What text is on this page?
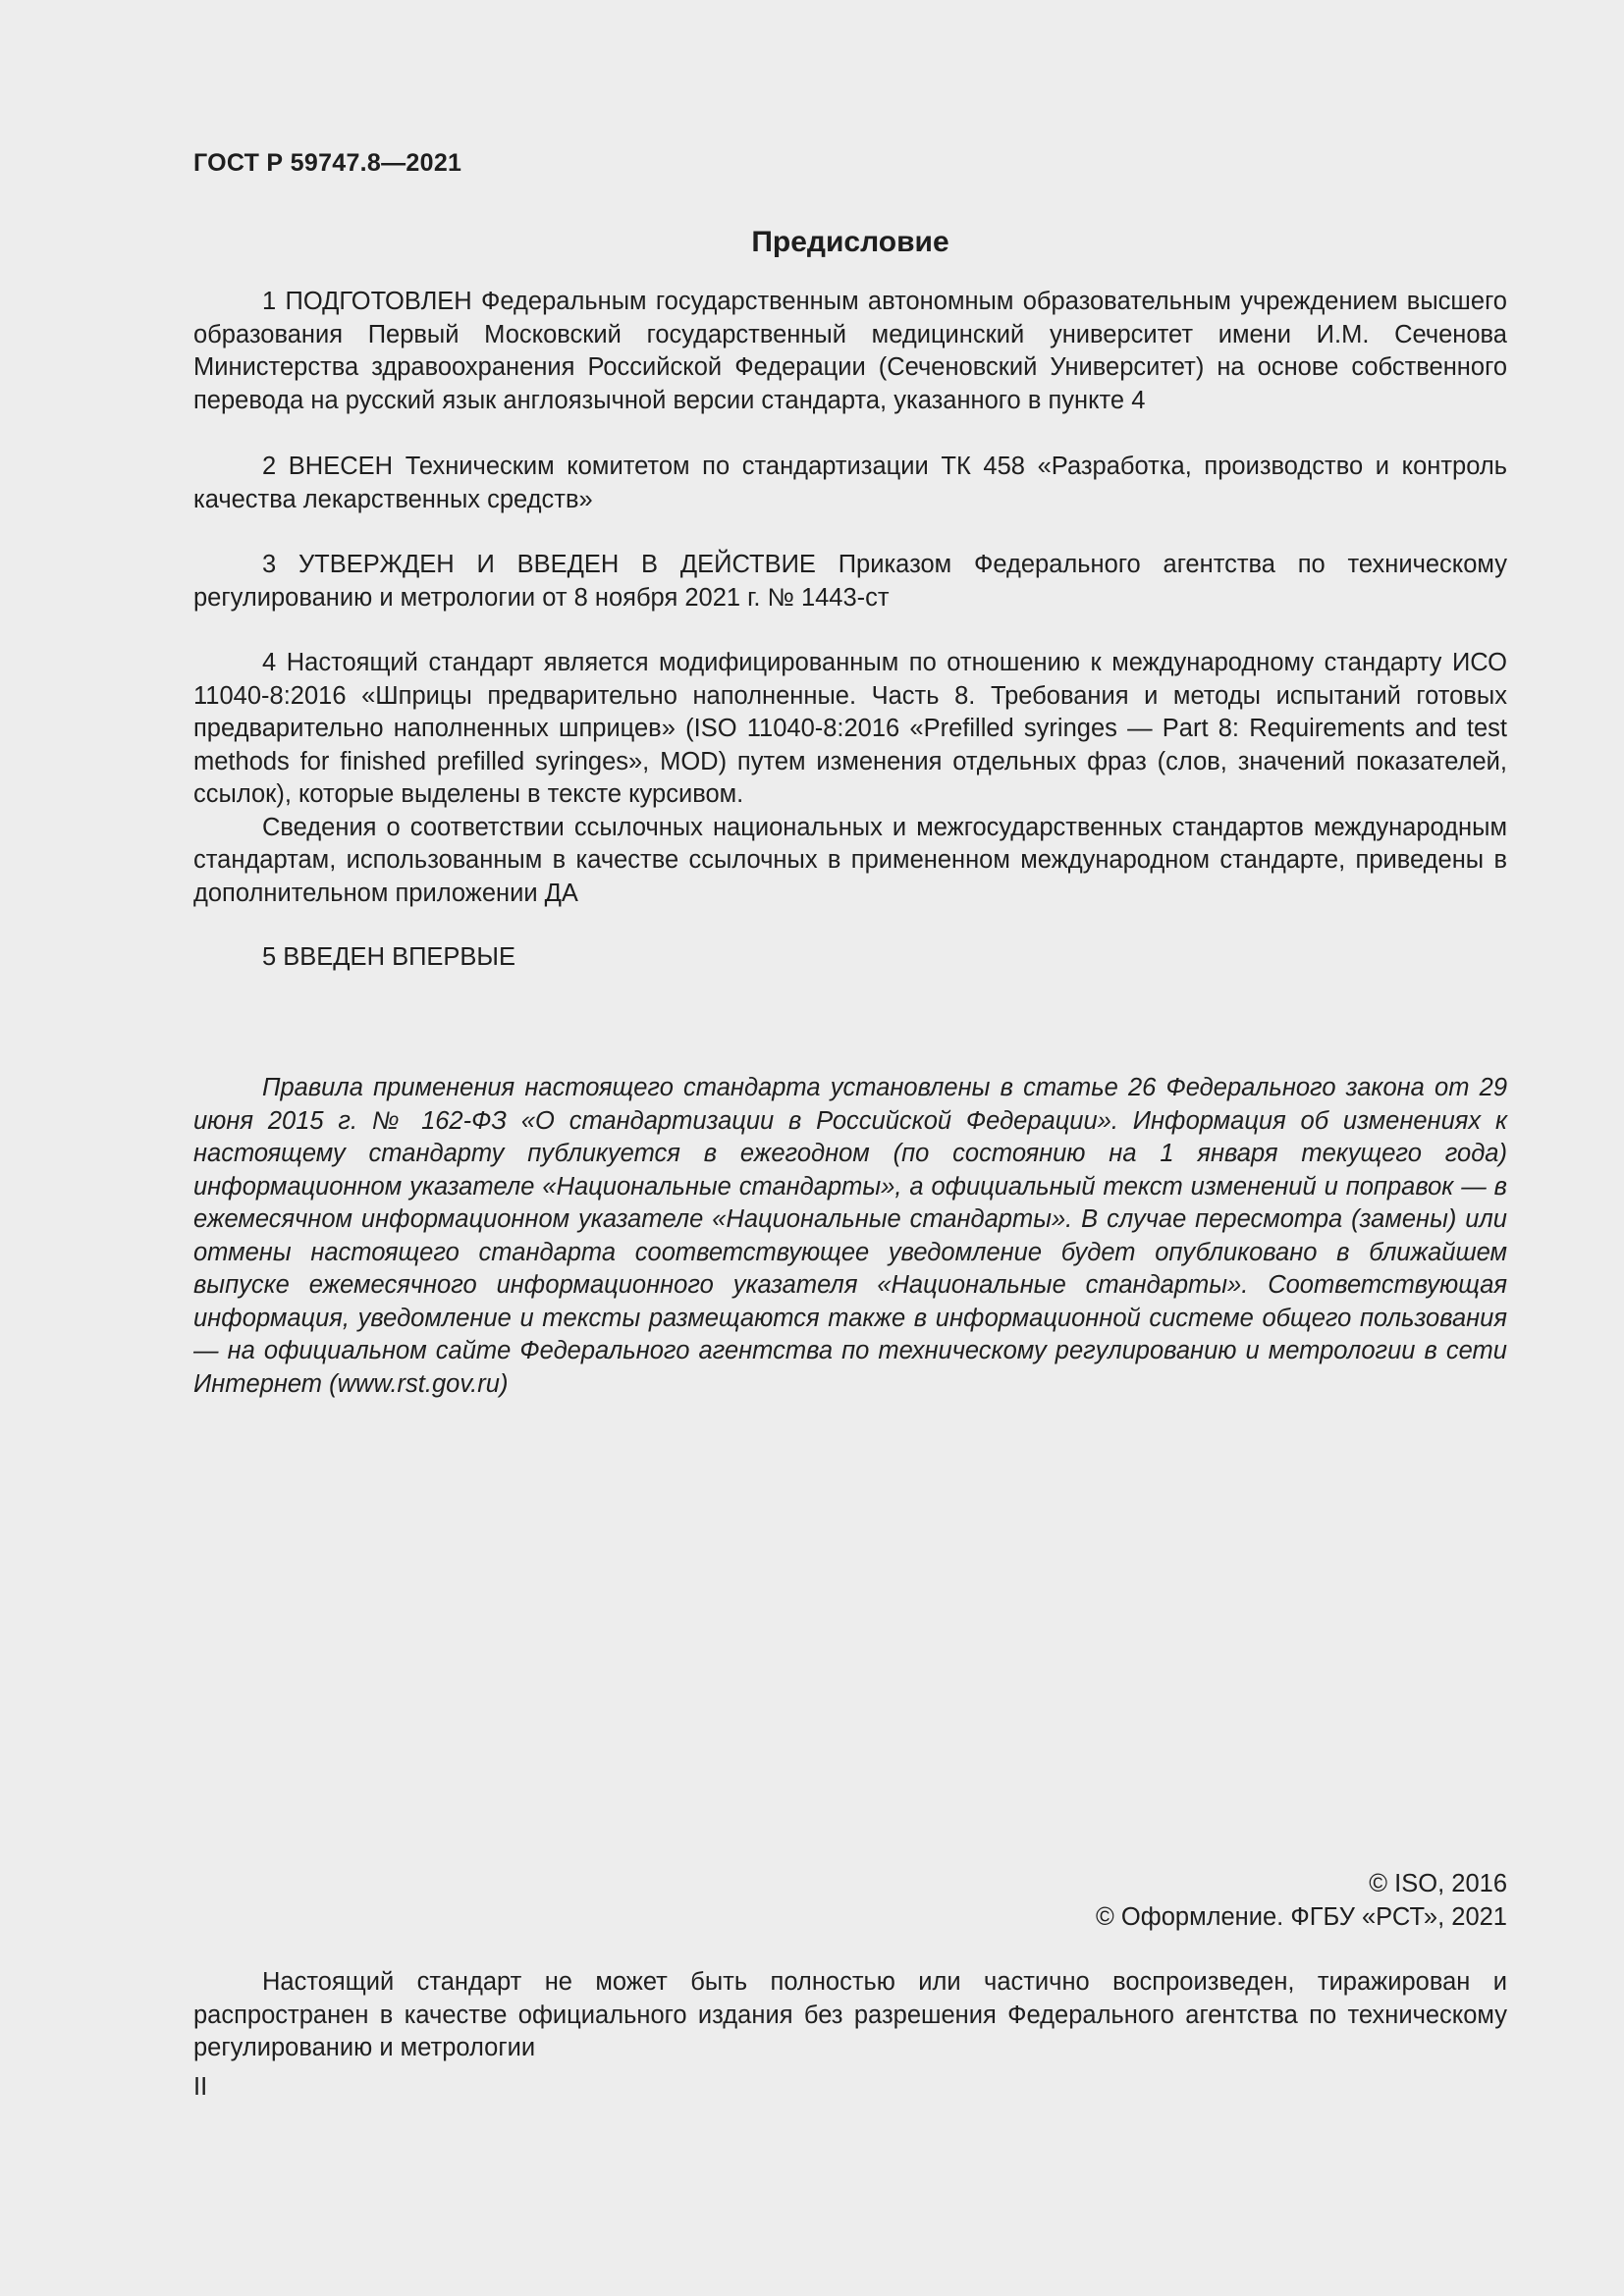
ГОСТ Р 59747.8—2021
Предисловие

1 ПОДГОТОВЛЕН Федеральным государственным автономным образовательным учреждением высшего образования Первый Московский государственный медицинский университет имени И.М. Сеченова Министерства здравоохранения Российской Федерации (Сеченовский Университет) на основе собственного перевода на русский язык англоязычной версии стандарта, указанного в пункте 4

2 ВНЕСЕН Техническим комитетом по стандартизации ТК 458 «Разработка, производство и контроль качества лекарственных средств»

3 УТВЕРЖДЕН И ВВЕДЕН В ДЕЙСТВИЕ Приказом Федерального агентства по техническому регулированию и метрологии от 8 ноября 2021 г. № 1443-ст

4 Настоящий стандарт является модифицированным по отношению к международному стандарту ИСО 11040-8:2016 «Шприцы предварительно наполненные. Часть 8. Требования и методы испытаний готовых предварительно наполненных шприцев» (ISO 11040-8:2016 «Prefilled syringes — Part 8: Requirements and test methods for finished prefilled syringes», MOD) путем изменения отдельных фраз (слов, значений показателей, ссылок), которые выделены в тексте курсивом.

Сведения о соответствии ссылочных национальных и межгосударственных стандартов международным стандартам, использованным в качестве ссылочных в примененном международном стандарте, приведены в дополнительном приложении ДА

5 ВВЕДЕН ВПЕРВЫЕ

Правила применения настоящего стандарта установлены в статье 26 Федерального закона от 29 июня 2015 г. № 162-ФЗ «О стандартизации в Российской Федерации». Информация об изменениях к настоящему стандарту публикуется в ежегодном (по состоянию на 1 января текущего года) информационном указателе «Национальные стандарты», а официальный текст изменений и поправок — в ежемесячном информационном указателе «Национальные стандарты». В случае пересмотра (замены) или отмены настоящего стандарта соответствующее уведомление будет опубликовано в ближайшем выпуске ежемесячного информационного указателя «Национальные стандарты». Соответствующая информация, уведомление и тексты размещаются также в информационной системе общего пользования — на официальном сайте Федерального агентства по техническому регулированию и метрологии в сети Интернет (www.rst.gov.ru)

© ISO, 2016
© Оформление. ФГБУ «РСТ», 2021

Настоящий стандарт не может быть полностью или частично воспроизведен, тиражирован и распространен в качестве официального издания без разрешения Федерального агентства по техническому регулированию и метрологии

II
